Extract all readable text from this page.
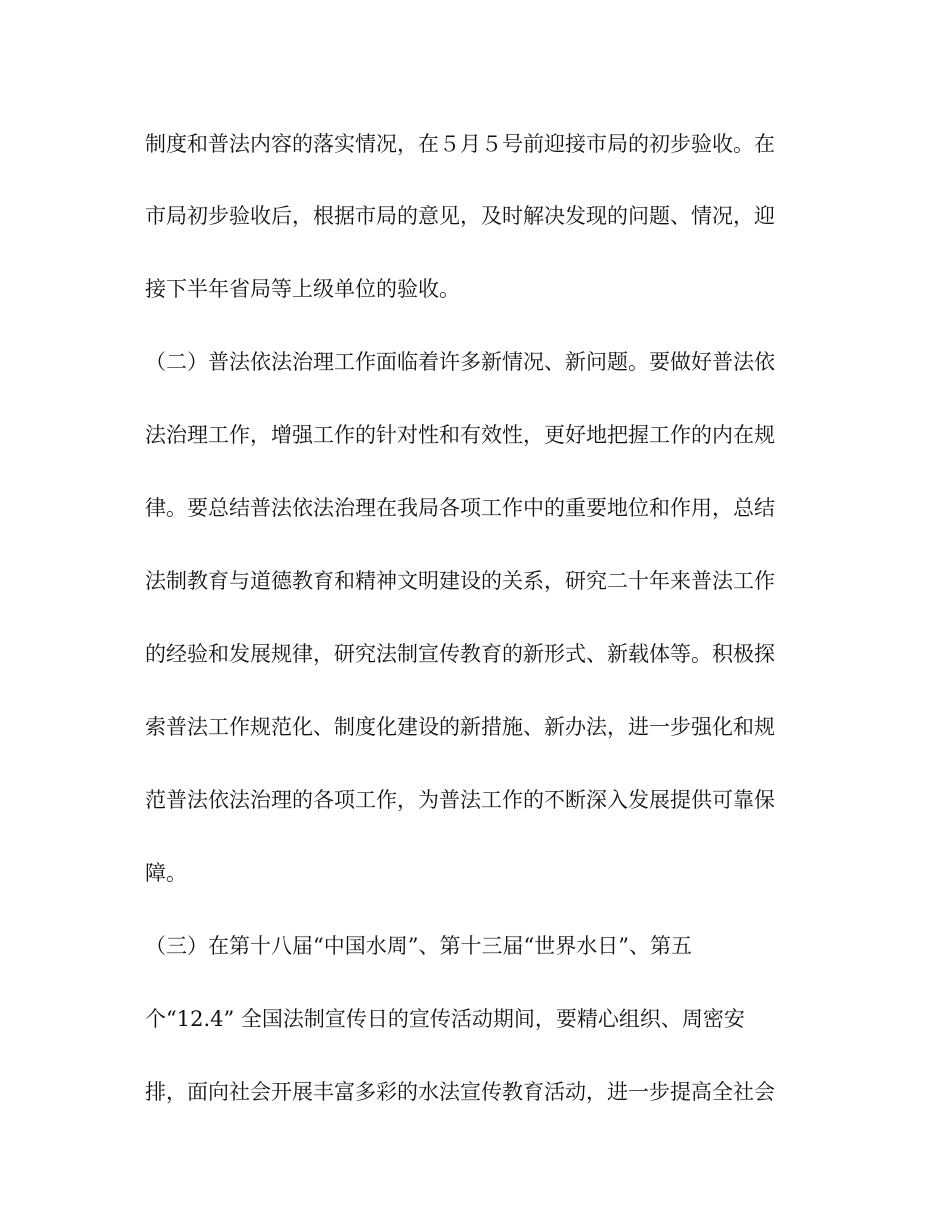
制度和普法内容的落实情况，在５月５号前迎接市局的初步验收。在
市局初步验收后，根据市局的意见，及时解决发现的问题、情况，迎
接下半年省局等上级单位的验收。
（二）普法依法治理工作面临着许多新情况、新问题。要做好普法依
法治理工作，增强工作的针对性和有效性，更好地把握工作的内在规
律。要总结普法依法治理在我局各项工作中的重要地位和作用，总结
法制教育与道德教育和精神文明建设的关系，研究二十年来普法工作
的经验和发展规律，研究法制宣传教育的新形式、新载体等。积极探
索普法工作规范化、制度化建设的新措施、新办法，进一步强化和规
范普法依法治理的各项工作，为普法工作的不断深入发展提供可靠保
障。
（三）在第十八届“中国水周”、第十三届“世界水日”、第五
个“12.4” 全国法制宣传日的宣传活动期间，要精心组织、周密安
排，面向社会开展丰富多彩的水法宣传教育活动，进一步提高全社会
